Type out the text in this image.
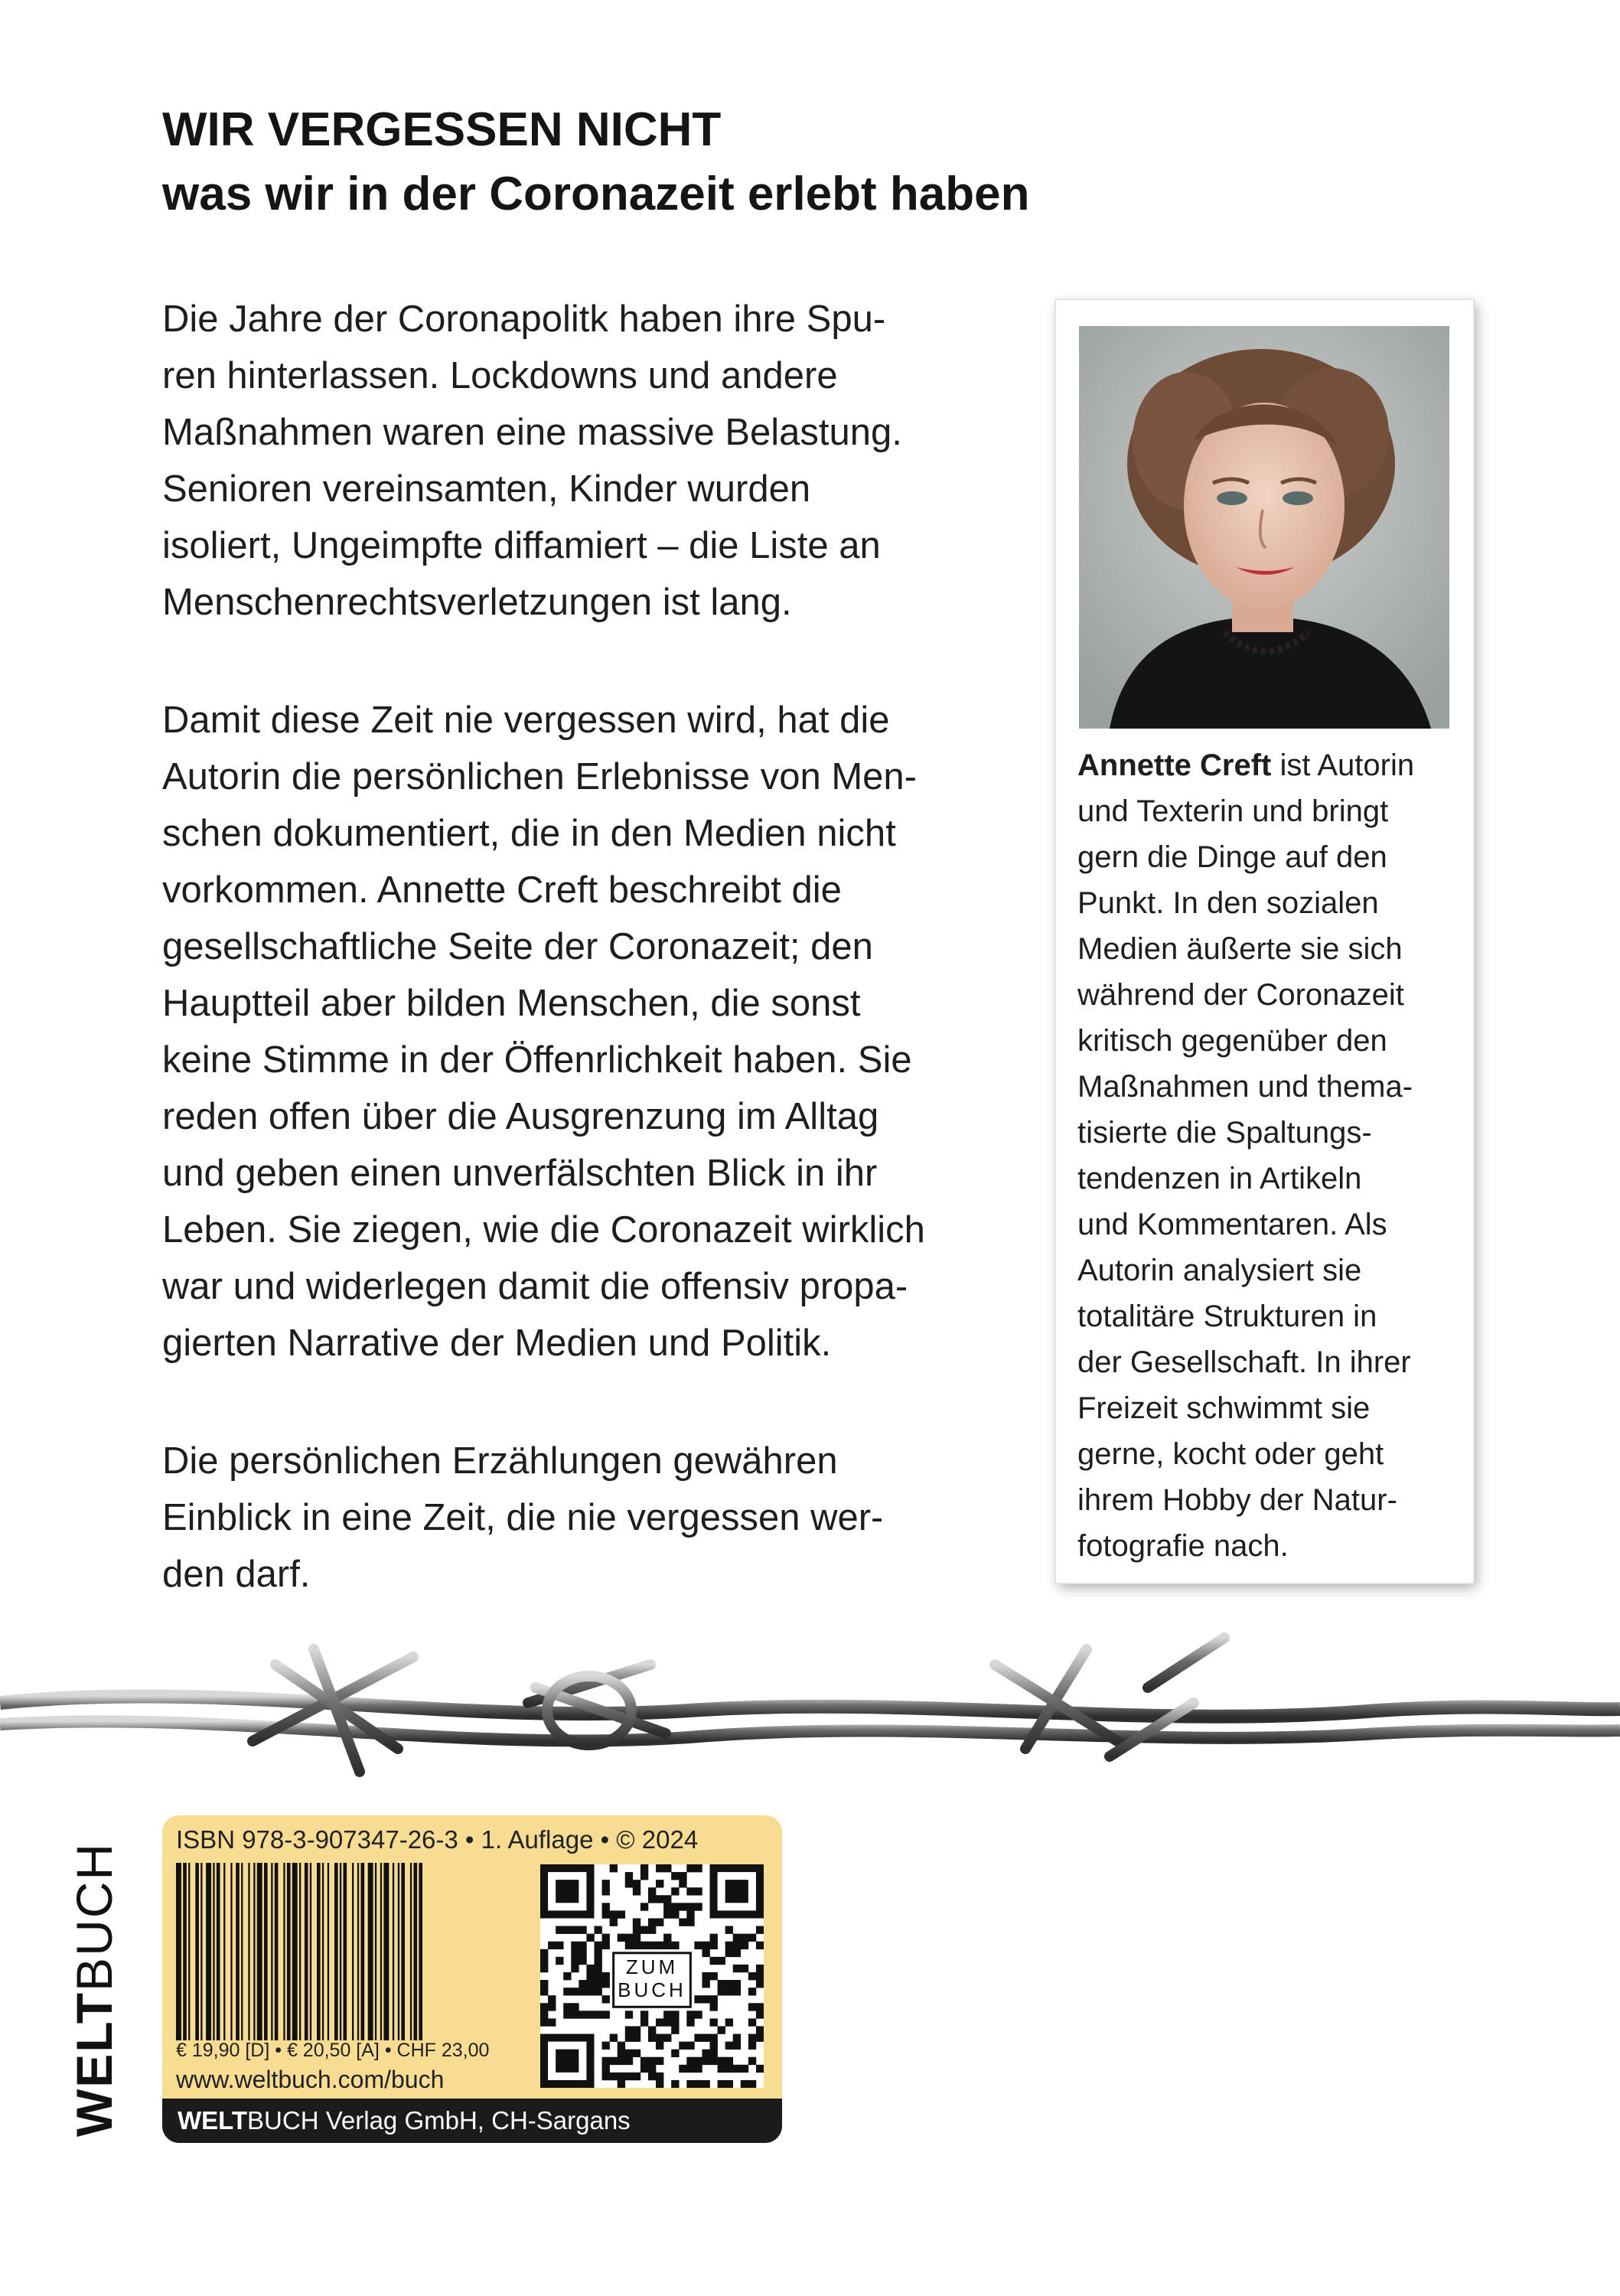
WIR VERGESSEN NICHT
was wir in der Coronazeit erlebt haben

Die Jahre der Coronapolitk haben ihre Spu-
ren hinterlassen. Lockdowns und andere
Maßnahmen waren eine massive Belastung.
Senioren vereinsamten, Kinder wurden
isoliert, Ungeimpfte diffamiert – die Liste an
Menschenrechtsverletzungen ist lang.

Damit diese Zeit nie vergessen wird, hat die
Autorin die persönlichen Erlebnisse von Men-
schen dokumentiert, die in den Medien nicht
vorkommen. Annette Creft beschreibt die
gesellschaftliche Seite der Coronazeit; den
Hauptteil aber bilden Menschen, die sonst
keine Stimme in der Öffenrlichkeit haben. Sie
reden offen über die Ausgrenzung im Alltag
und geben einen unverfälschten Blick in ihr
Leben. Sie ziegen, wie die Coronazeit wirklich
war und widerlegen damit die offensiv propa-
gierten Narrative der Medien und Politik.

Die persönlichen Erzählungen gewähren
Einblick in eine Zeit, die nie vergessen wer-
den darf.

Annette Creft ist Autorin
und Texterin und bringt
gern die Dinge auf den
Punkt. In den sozialen
Medien äußerte sie sich
während der Coronazeit
kritisch gegenüber den
Maßnahmen und thema-
tisierte die Spaltungs-
tendenzen in Artikeln
und Kommentaren. Als
Autorin analysiert sie
totalitäre Strukturen in
der Gesellschaft. In ihrer
Freizeit schwimmt sie
gerne, kocht oder geht
ihrem Hobby der Natur-
fotografie nach.

WELTBUCH
ISBN 978-3-907347-26-3 • 1. Auflage • © 2024
ZUM
BUCH
€ 19,90 [D] • € 20,50 [A] • CHF 23,00
www.weltbuch.com/buch
WELTBUCH Verlag GmbH, CH-Sargans
